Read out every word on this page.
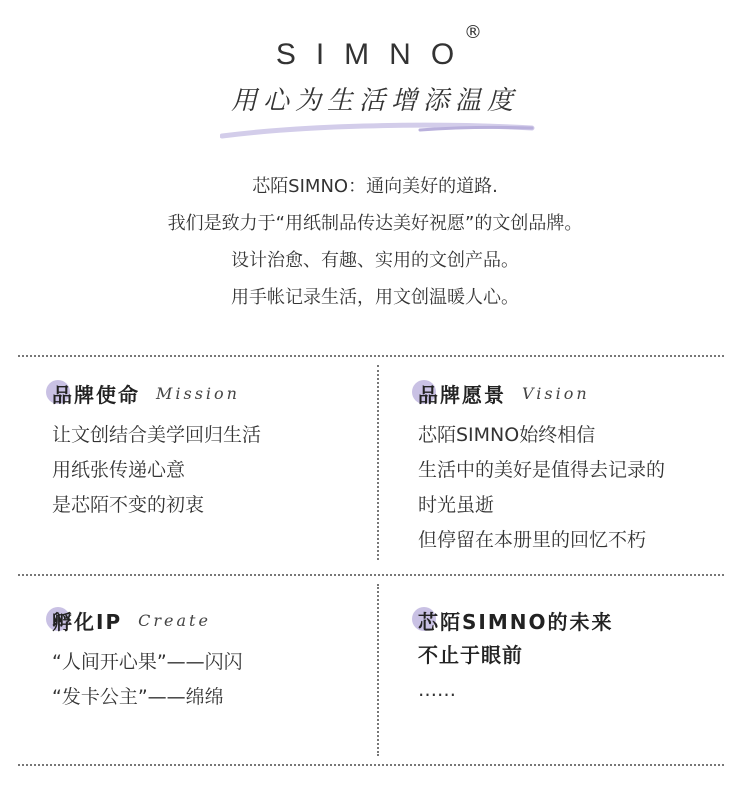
SIMNO
®
用心为生活增添温度
芯陌SIMNO：通向美好的道路.
我们是致力于“用纸制品传达美好祝愿”的文创品牌。
设计治愈、有趣、实用的文创产品。
用手帐记录生活，用文创温暖人心。
品牌使命 Mission
让文创结合美学回归生活
用纸张传递心意
是芯陌不变的初衷
品牌愿景 Vision
芯陌SIMNO始终相信
生活中的美好是值得去记录的
时光虽逝
但停留在本册里的回忆不朽
孵化IP Create
“人间开心果”——闪闪
“发卡公主”——绵绵
芯陌SIMNO的未来
不止于眼前
……
